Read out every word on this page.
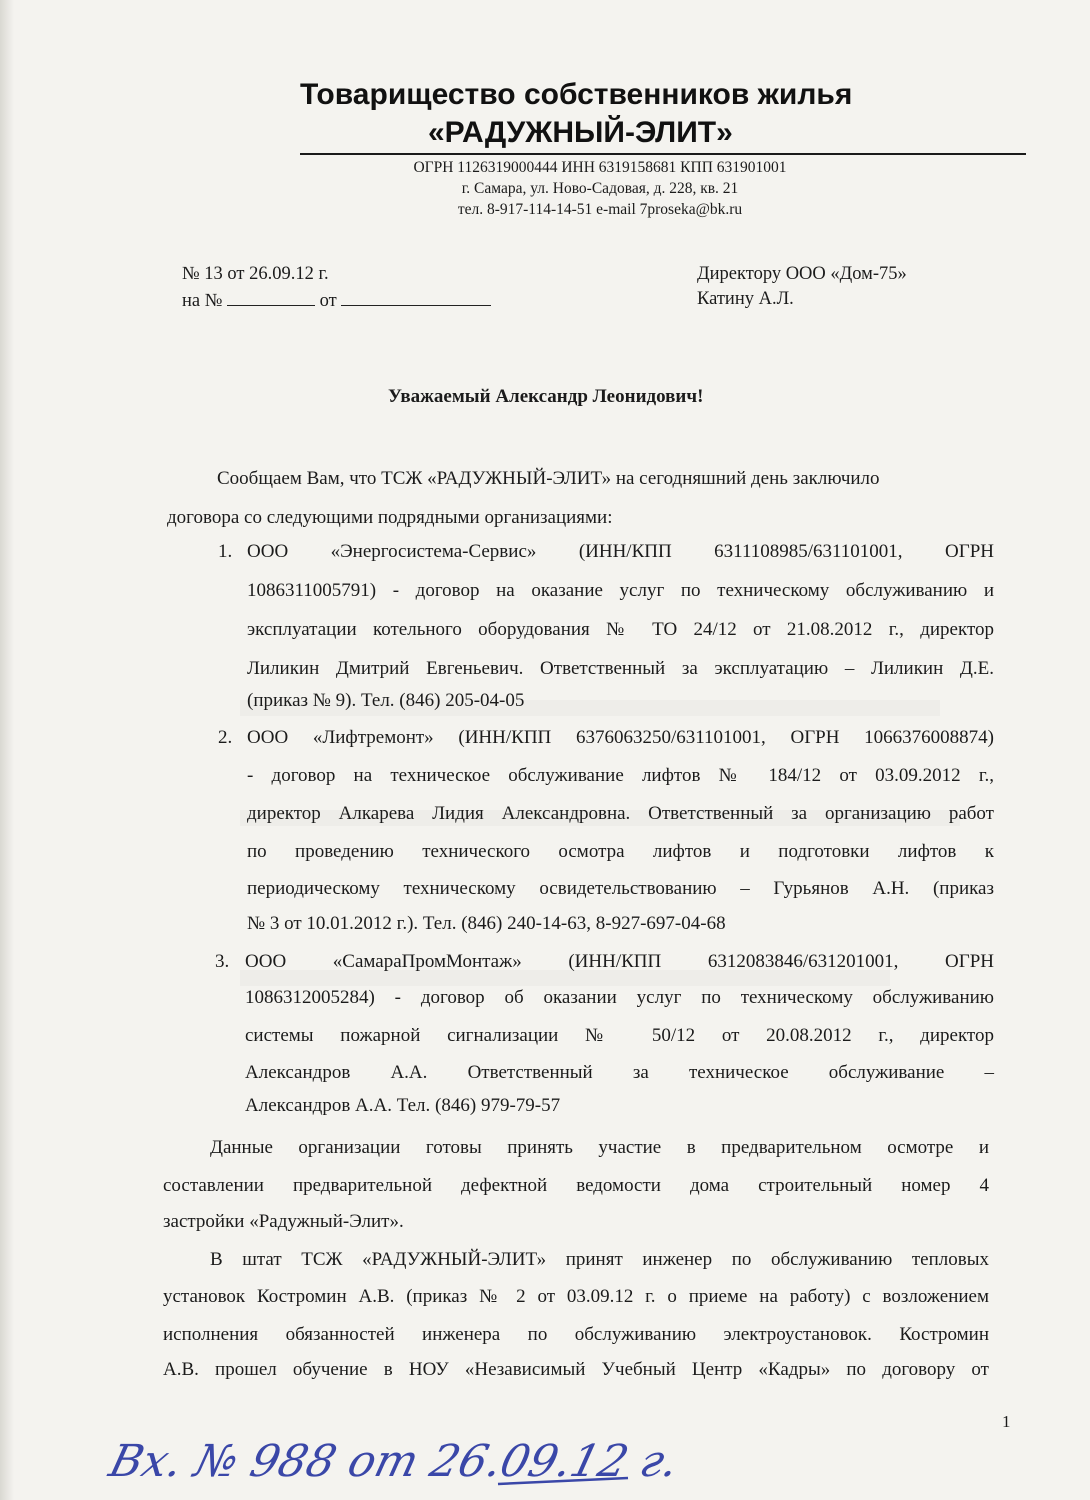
Товарищество собственников жилья
«РАДУЖНЫЙ-ЭЛИТ»
ОГРН 1126319000444 ИНН 6319158681 КПП 631901001
г. Самара, ул. Ново-Садовая, д. 228, кв. 21
тел. 8-917-114-14-51 e-mail 7proseka@bk.ru
№ 13 от 26.09.12 г.
на №	от
Директору ООО «Дом-75»
Катину А.Л.
Уважаемый Александр Леонидович!
Сообщаем Вам, что ТСЖ «РАДУЖНЫЙ-ЭЛИТ» на сегодняшний день заключило
договора со следующими подрядными организациями:
1. ООО «Энергосистема-Сервис» (ИНН/КПП 6311108985/631101001, ОГРН
1086311005791) - договор на оказание услуг по техническому обслуживанию и
эксплуатации котельного оборудования № ТО 24/12 от 21.08.2012 г., директор
Лиликин Дмитрий Евгеньевич. Ответственный за эксплуатацию – Лиликин Д.Е.
(приказ № 9). Тел. (846) 205-04-05
2. ООО «Лифтремонт» (ИНН/КПП 6376063250/631101001, ОГРН 1066376008874)
- договор на техническое обслуживание лифтов № 184/12 от 03.09.2012 г.,
директор Алкарева Лидия Александровна. Ответственный за организацию работ
по проведению технического осмотра лифтов и подготовки лифтов к
периодическому техническому освидетельствованию – Гурьянов А.Н. (приказ
№ 3 от 10.01.2012 г.). Тел. (846) 240-14-63, 8-927-697-04-68
3. ООО «СамараПромМонтаж» (ИНН/КПП 6312083846/631201001, ОГРН
1086312005284) - договор об оказании услуг по техническому обслуживанию
системы пожарной сигнализации № 50/12 от 20.08.2012 г., директор
Александров А.А. Ответственный за техническое обслуживание –
Александров А.А. Тел. (846) 979-79-57
Данные организации готовы принять участие в предварительном осмотре и
составлении предварительной дефектной ведомости дома строительный номер 4
застройки «Радужный-Элит».
В штат ТСЖ «РАДУЖНЫЙ-ЭЛИТ» принят инженер по обслуживанию тепловых
установок Костромин А.В. (приказ № 2 от 03.09.12 г. о приеме на работу) с возложением
исполнения обязанностей инженера по обслуживанию электроустановок. Костромин
А.В. прошел обучение в НОУ «Независимый Учебный Центр «Кадры» по договору от
1
Вх. № 988 от 26.09.12 г.
